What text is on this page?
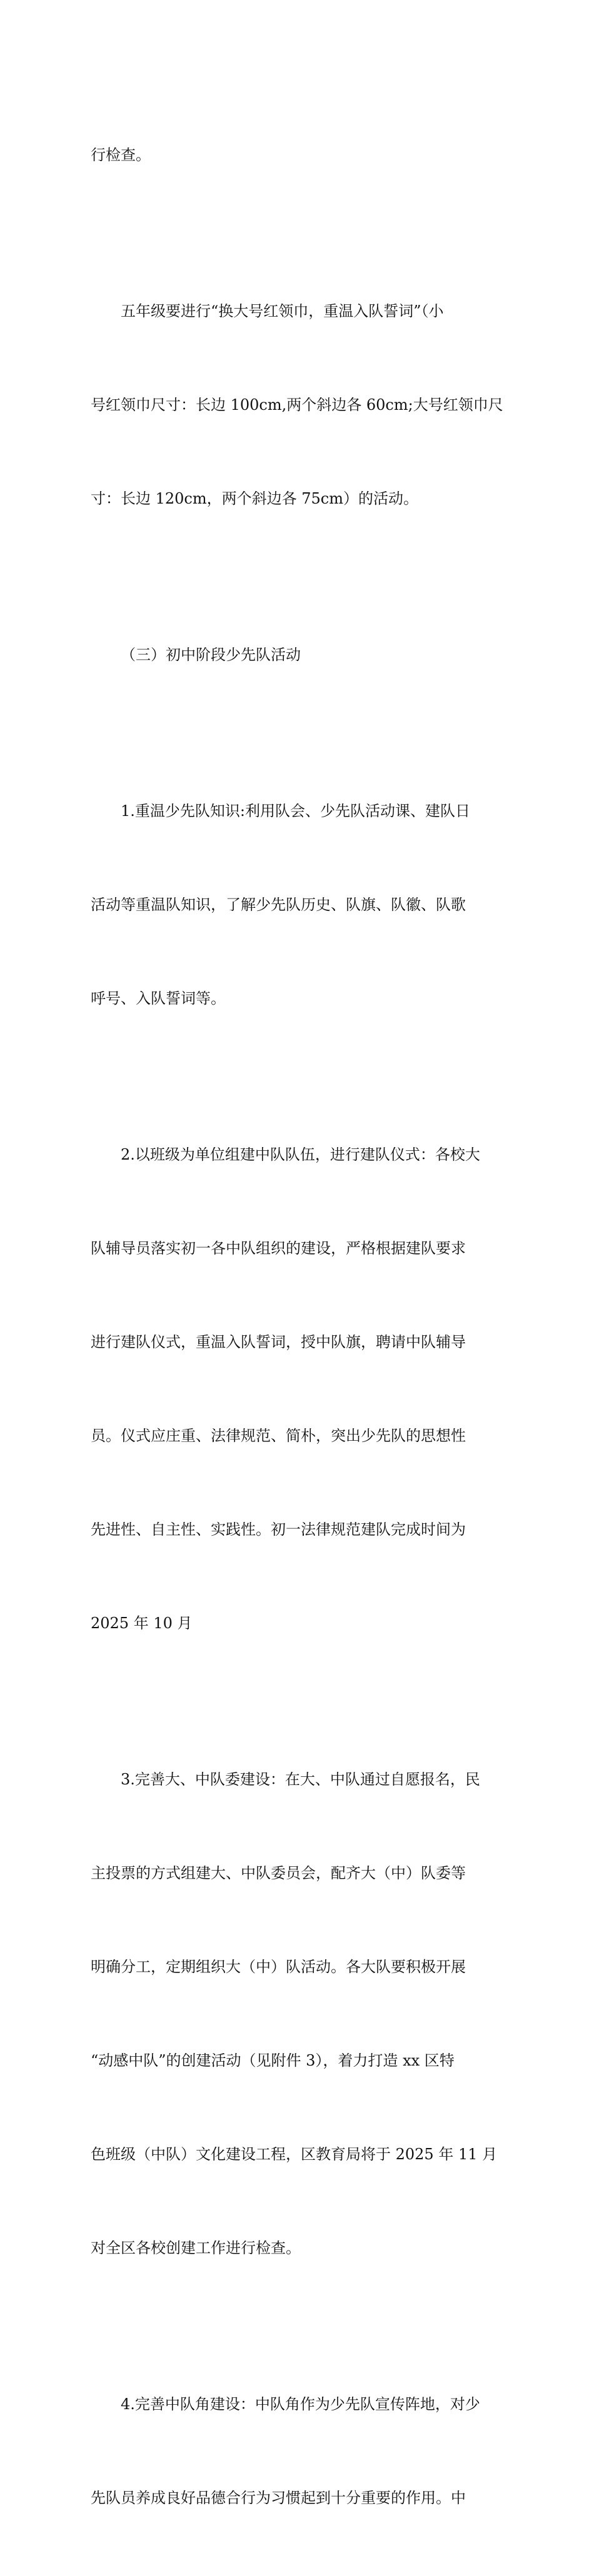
行检查。

五年级要进行“换大号红领巾，重温入队誓词”（小

号红领巾尺寸：长边 100cm,两个斜边各 60cm;大号红领巾尺

寸：长边 120cm，两个斜边各 75cm）的活动。

（三）初中阶段少先队活动

1.重温少先队知识:利用队会、少先队活动课、建队日

活动等重温队知识，了解少先队历史、队旗、队徽、队歌

呼号、入队誓词等。

2.以班级为单位组建中队队伍，进行建队仪式：各校大

队辅导员落实初一各中队组织的建设，严格根据建队要求

进行建队仪式，重温入队誓词，授中队旗，聘请中队辅导

员。仪式应庄重、法律规范、简朴，突出少先队的思想性

先进性、自主性、实践性。初一法律规范建队完成时间为

2025 年 10 月

3.完善大、中队委建设：在大、中队通过自愿报名，民

主投票的方式组建大、中队委员会，配齐大（中）队委等

明确分工，定期组织大（中）队活动。各大队要积极开展

“动感中队”的创建活动（见附件 3），着力打造 xx 区特

色班级（中队）文化建设工程，区教育局将于 2025 年 11 月

对全区各校创建工作进行检查。

4.完善中队角建设：中队角作为少先队宣传阵地，对少

先队员养成良好品德合行为习惯起到十分重要的作用。中
